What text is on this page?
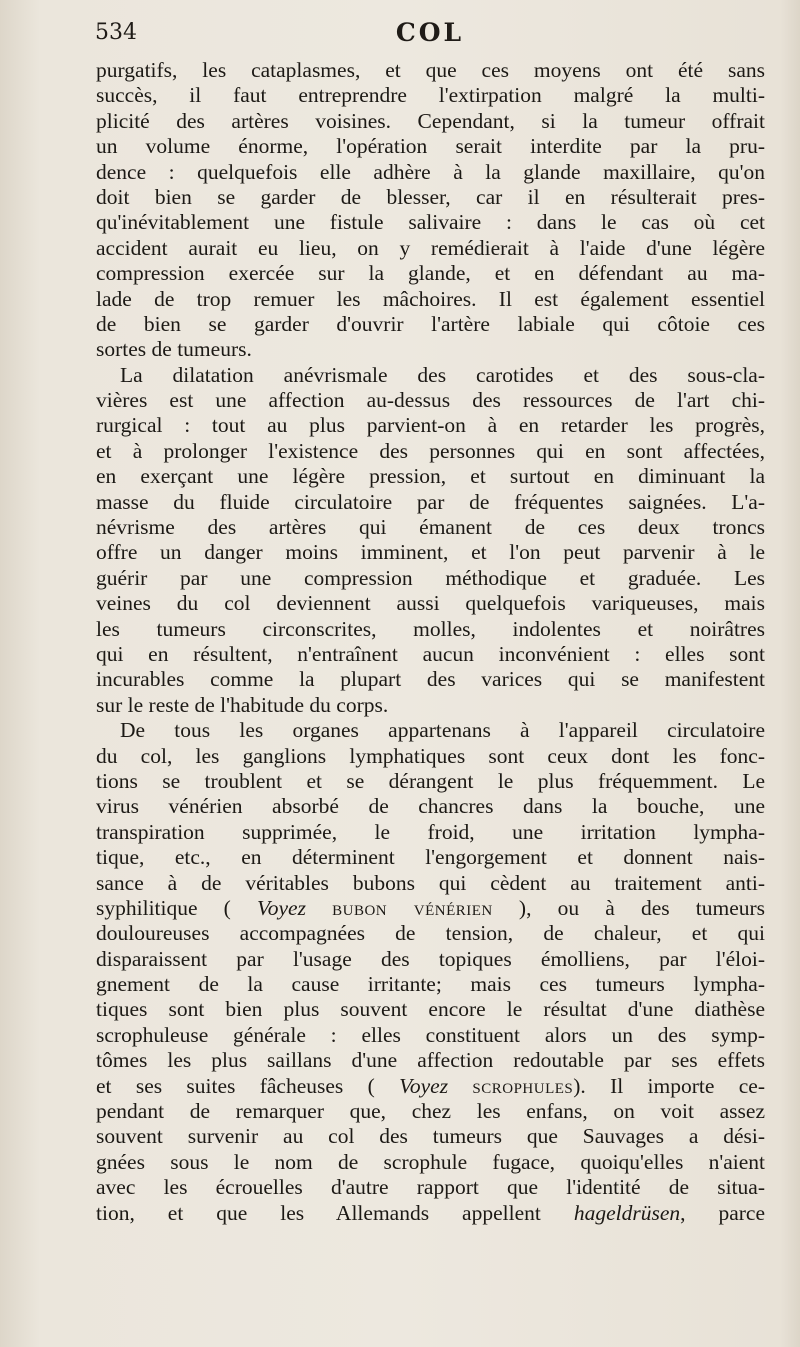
534	COL
purgatifs, les cataplasmes, et que ces moyens ont été sans
succès, il faut entreprendre l'extirpation malgré la multi-
plicité des artères voisines. Cependant, si la tumeur offrait
un volume énorme, l'opération serait interdite par la pru-
dence : quelquefois elle adhère à la glande maxillaire, qu'on
doit bien se garder de blesser, car il en résulterait pres-
qu'inévitablement une fistule salivaire : dans le cas où cet
accident aurait eu lieu, on y remédierait à l'aide d'une légère
compression exercée sur la glande, et en défendant au ma-
lade de trop remuer les mâchoires. Il est également essentiel
de bien se garder d'ouvrir l'artère labiale qui côtoie ces
sortes de tumeurs.
La dilatation anévrismale des carotides et des sous-cla-
vières est une affection au-dessus des ressources de l'art chi-
rurgical : tout au plus parvient-on à en retarder les progrès,
et à prolonger l'existence des personnes qui en sont affectées,
en exerçant une légère pression, et surtout en diminuant la
masse du fluide circulatoire par de fréquentes saignées. L'a-
névrisme des artères qui émanent de ces deux troncs
offre un danger moins imminent, et l'on peut parvenir à le
guérir par une compression méthodique et graduée. Les
veines du col deviennent aussi quelquefois variqueuses, mais
les tumeurs circonscrites, molles, indolentes et noirâtres
qui en résultent, n'entraînent aucun inconvénient : elles sont
incurables comme la plupart des varices qui se manifestent
sur le reste de l'habitude du corps.
De tous les organes appartenans à l'appareil circulatoire
du col, les ganglions lymphatiques sont ceux dont les fonc-
tions se troublent et se dérangent le plus fréquemment. Le
virus vénérien absorbé de chancres dans la bouche, une
transpiration supprimée, le froid, une irritation lympha-
tique, etc., en déterminent l'engorgement et donnent nais-
sance à de véritables bubons qui cèdent au traitement anti-
syphilitique ( Voyez bubon vénérien ), ou à des tumeurs
douloureuses accompagnées de tension, de chaleur, et qui
disparaissent par l'usage des topiques émolliens, par l'éloi-
gnement de la cause irritante; mais ces tumeurs lympha-
tiques sont bien plus souvent encore le résultat d'une diathèse
scrophuleuse générale : elles constituent alors un des symp-
tômes les plus saillans d'une affection redoutable par ses effets
et ses suites fâcheuses ( Voyez scrophules). Il importe ce-
pendant de remarquer que, chez les enfans, on voit assez
souvent survenir au col des tumeurs que Sauvages a dési-
gnées sous le nom de scrophule fugace, quoiqu'elles n'aient
avec les écrouelles d'autre rapport que l'identité de situa-
tion, et que les Allemands appellent hageldrüsen, parce
